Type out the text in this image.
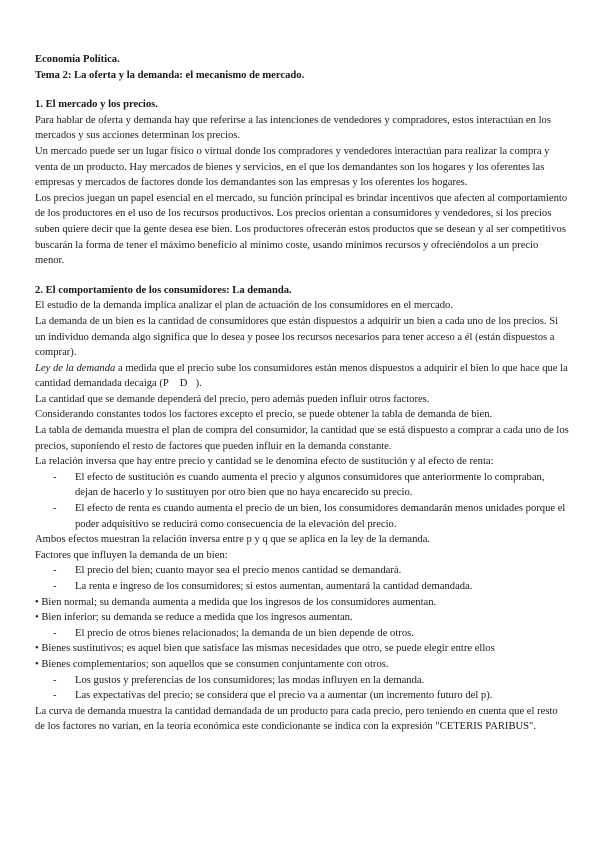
Economía Política.

Tema 2: La oferta y la demanda: el mecanismo de mercado.

1. El mercado y los precios.

Para hablar de oferta y demanda hay que referirse a las intenciones de vendedores y compradores, estos interactúan en los mercados y sus acciones determinan los precios.

Un mercado puede ser un lugar físico o virtual donde los compradores y vendedores interactúan para realizar la compra y venta de un producto. Hay mercados de bienes y servicios, en el que los demandantes son los hogares y los oferentes las empresas y mercados de factores donde los demandantes son las empresas y los oferentes los hogares.

Los precios juegan un papel esencial en el mercado, su función principal es brindar incentivos que afecten al comportamiento de los productores en el uso de los recursos productivos. Los precios orientan a consumidores y vendedores, si los precios suben quiere decir que la gente desea ese bien. Los productores ofrecerán estos productos que se desean y al ser competitivos buscarán la forma de tener el máximo beneficio al mínimo coste, usando mínimos recursos y ofreciéndolos a un precio menor.

2. El comportamiento de los consumidores: La demanda.

El estudio de la demanda implica analizar el plan de actuación de los consumidores en el mercado.

La demanda de un bien es la cantidad de consumidores que están dispuestos a adquirir un bien a cada uno de los precios. Si un individuo demanda algo significa que lo desea y posee los recursos necesarios para tener acceso a él (están dispuestos a comprar).

Ley de la demanda a medida que el precio sube los consumidores están menos dispuestos a adquirir el bien lo que hace que la cantidad demandada decaiga (P  D ).

La cantidad que se demande dependerá del precio, pero además pueden influir otros factores.

Considerando constantes todos los factores excepto el precio, se puede obtener la tabla de demanda de bien.

La tabla de demanda muestra el plan de compra del consumidor, la cantidad que se está dispuesto a comprar a cada uno de los precios, suponiendo el resto de factores que pueden influir en la demanda constante.

La relación inversa que hay entre precio y cantidad se le denomina efecto de sustitución y al efecto de renta:

- El efecto de sustitución es cuando aumenta el precio y algunos consumidores que anteriormente lo compraban, dejan de hacerlo y lo sustituyen por otro bien que no haya encarecido su precio.
- El efecto de renta es cuando aumenta el precio de un bien, los consumidores demandarán menos unidades porque el poder adquisitivo se reducirá como consecuencia de la elevación del precio.

Ambos efectos muestran la relación inversa entre p y q que se aplica en la ley de la demanda.

Factores que influyen la demanda de un bien:

- El precio del bien; cuanto mayor sea el precio menos cantidad se demandará.
- La renta e ingreso de los consumidores; si estos aumentan, aumentará la cantidad demandada.

• Bien normal; su demanda aumenta a medida que los ingresos de los consumidores aumentan.

• Bien inferior; su demanda se reduce a medida que los ingresos aumentan.

- El precio de otros bienes relacionados; la demanda de un bien depende de otros.

• Bienes sustitutivos; es aquel bien que satisface las mismas necesidades que otro, se puede elegir entre ellos

• Bienes complementarios; son aquellos que se consumen conjuntamente con otros.

- Los gustos y preferencias de los consumidores; las modas influyen en la demanda.
- Las expectativas del precio; se considera que el precio va a aumentar (un incremento futuro del p).

La curva de demanda muestra la cantidad demandada de un producto para cada precio, pero teniendo en cuenta que el resto de los factores no varían, en la teoría económica este condicionante se indica con la expresión "CETERIS PARIBUS".
